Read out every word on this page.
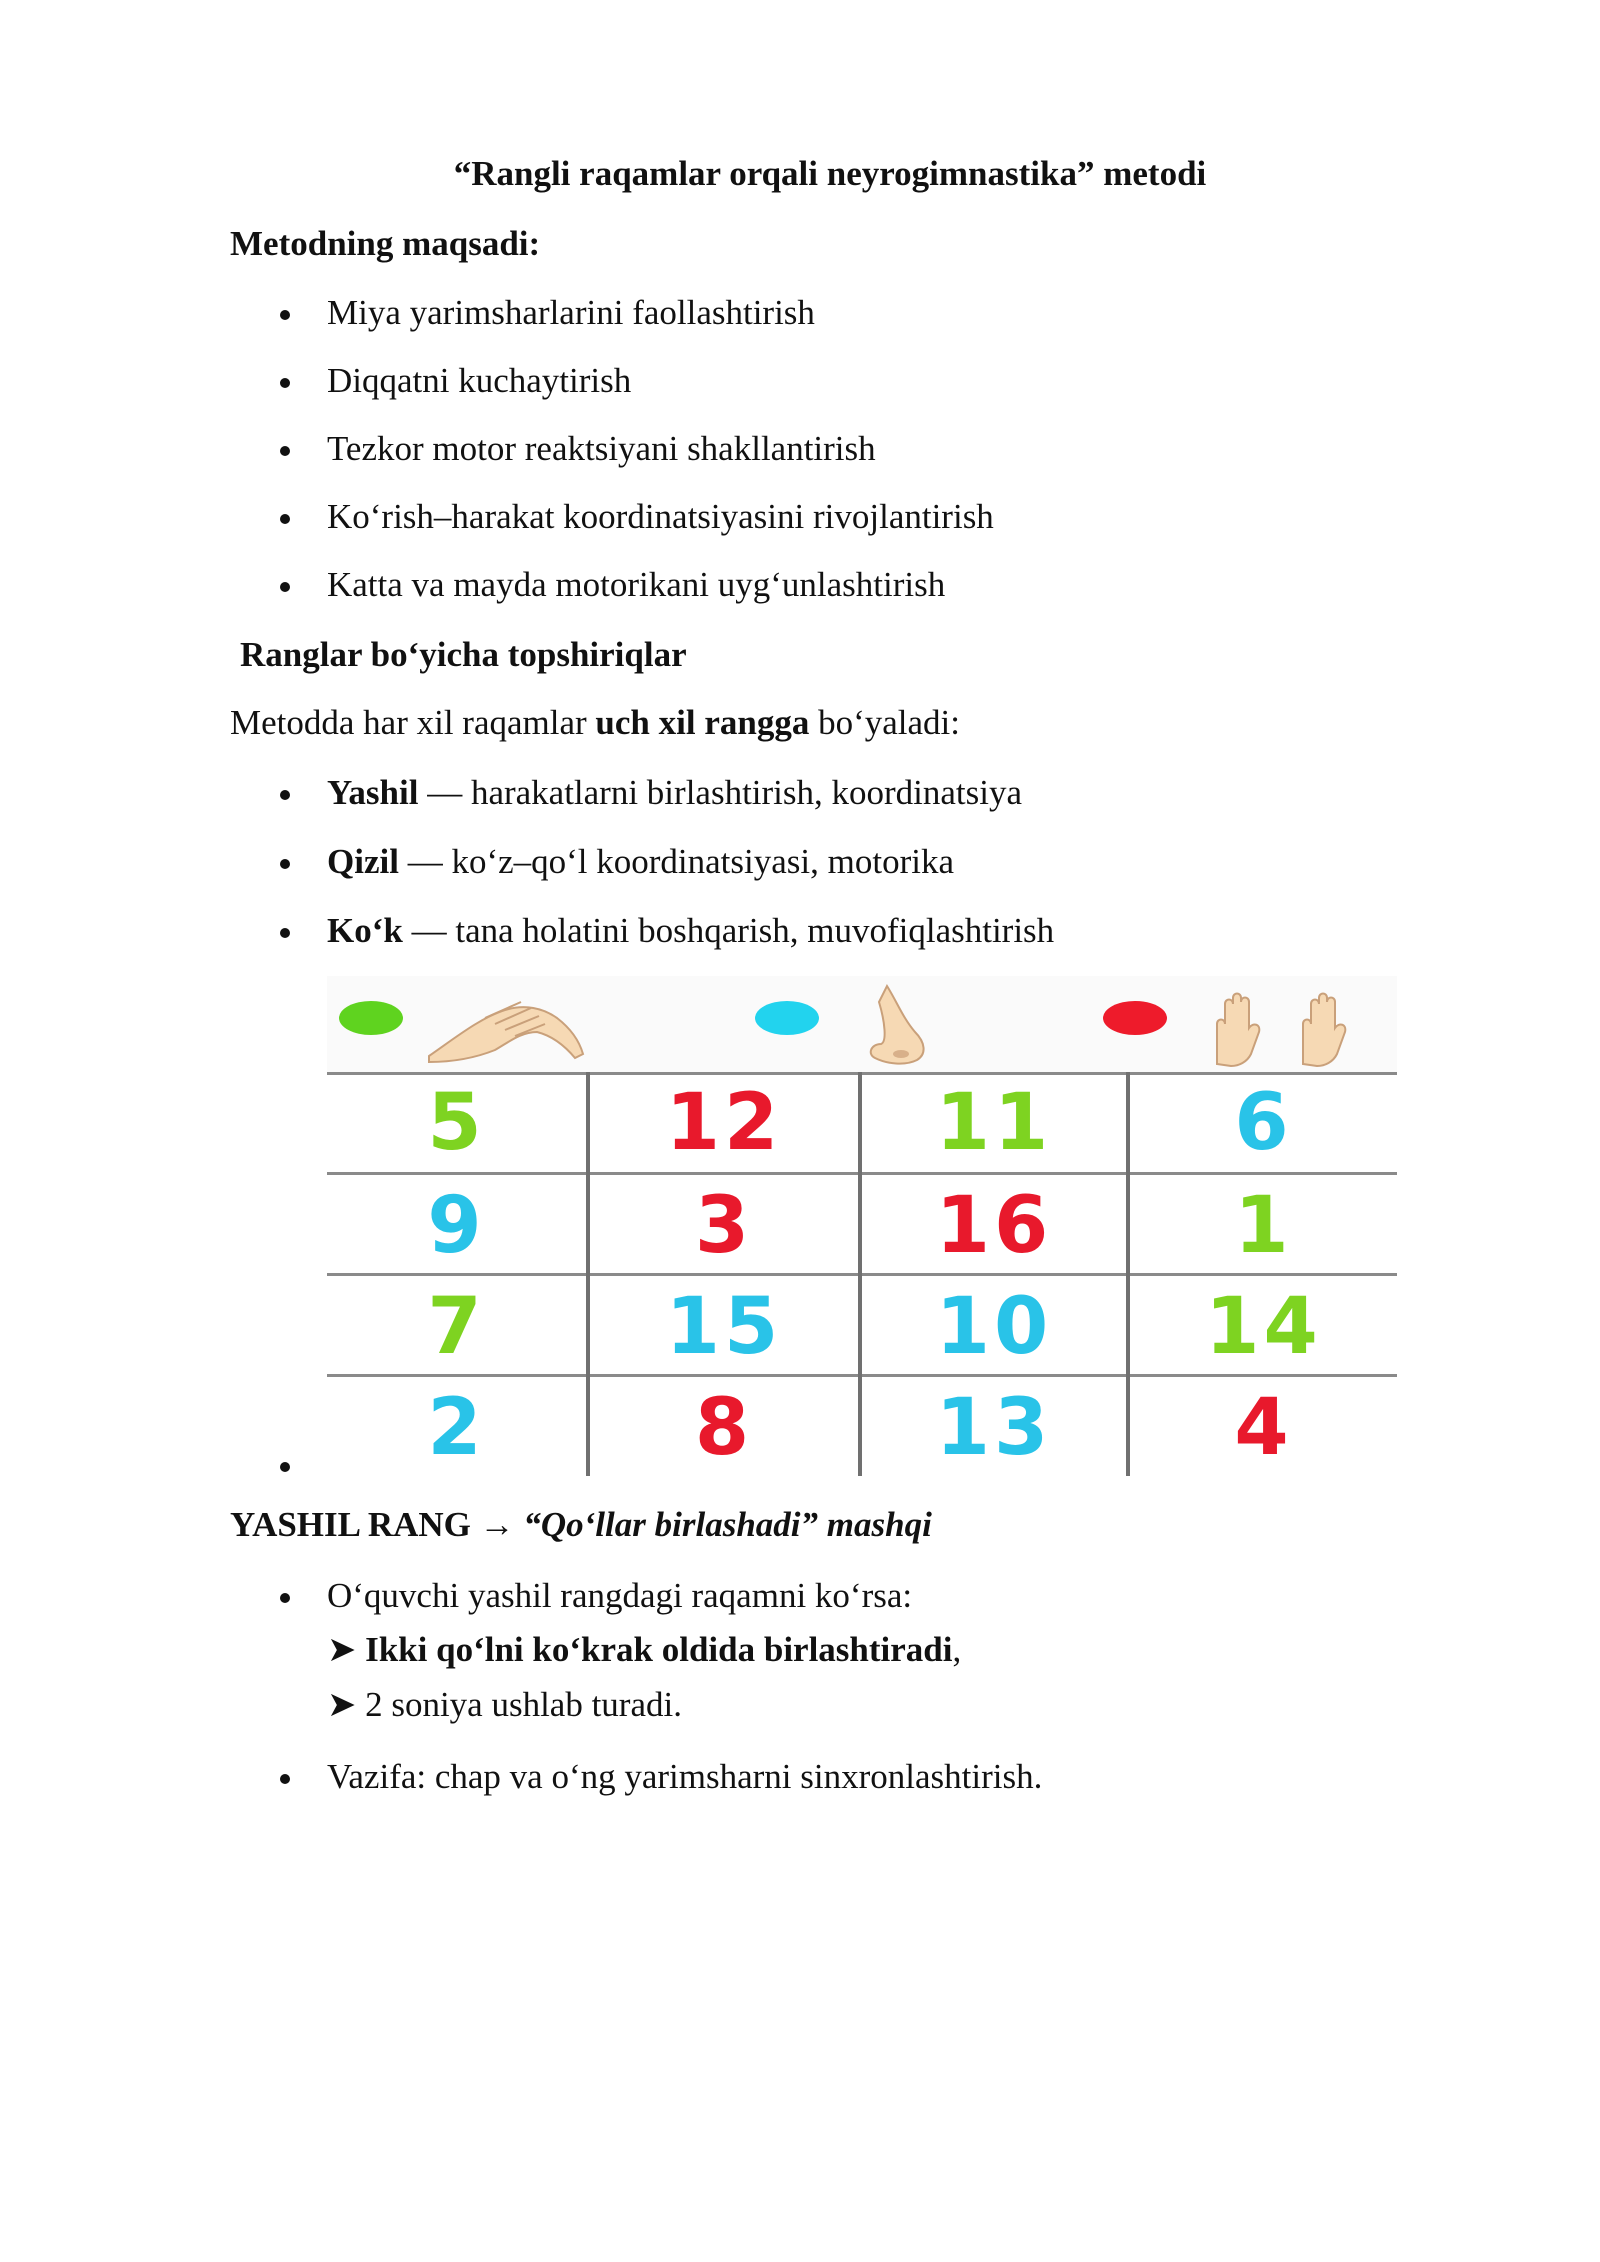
“Rangli raqamlar orqali neyrogimnastika” metodi
Metodning maqsadi:
Miya yarimsharlarini faollashtirish
Diqqatni kuchaytirish
Tezkor motor reaktsiyani shakllantirish
Ko‘rish–harakat koordinatsiyasini rivojlantirish
Katta va mayda motorikani uyg‘unlashtirish
Ranglar bo‘yicha topshiriqlar
Metodda har xil raqamlar uch xil rangga bo‘yaladi:
Yashil — harakatlarni birlashtirish, koordinatsiya
Qizil — ko‘z–qo‘l koordinatsiyasi, motorika
Ko‘k — tana holatini boshqarish, muvofiqlashtirish
5	12	11	6
9	3	16	1
7	15	10	14
2	8	13	4
YASHIL RANG → “Qo‘llar birlashadi” mashqi
O‘quvchi yashil rangdagi raqamni ko‘rsa:
➤ Ikki qo‘lni ko‘krak oldida birlashtiradi,
➤ 2 soniya ushlab turadi.
Vazifa: chap va o‘ng yarimsharni sinxronlashtirish.
